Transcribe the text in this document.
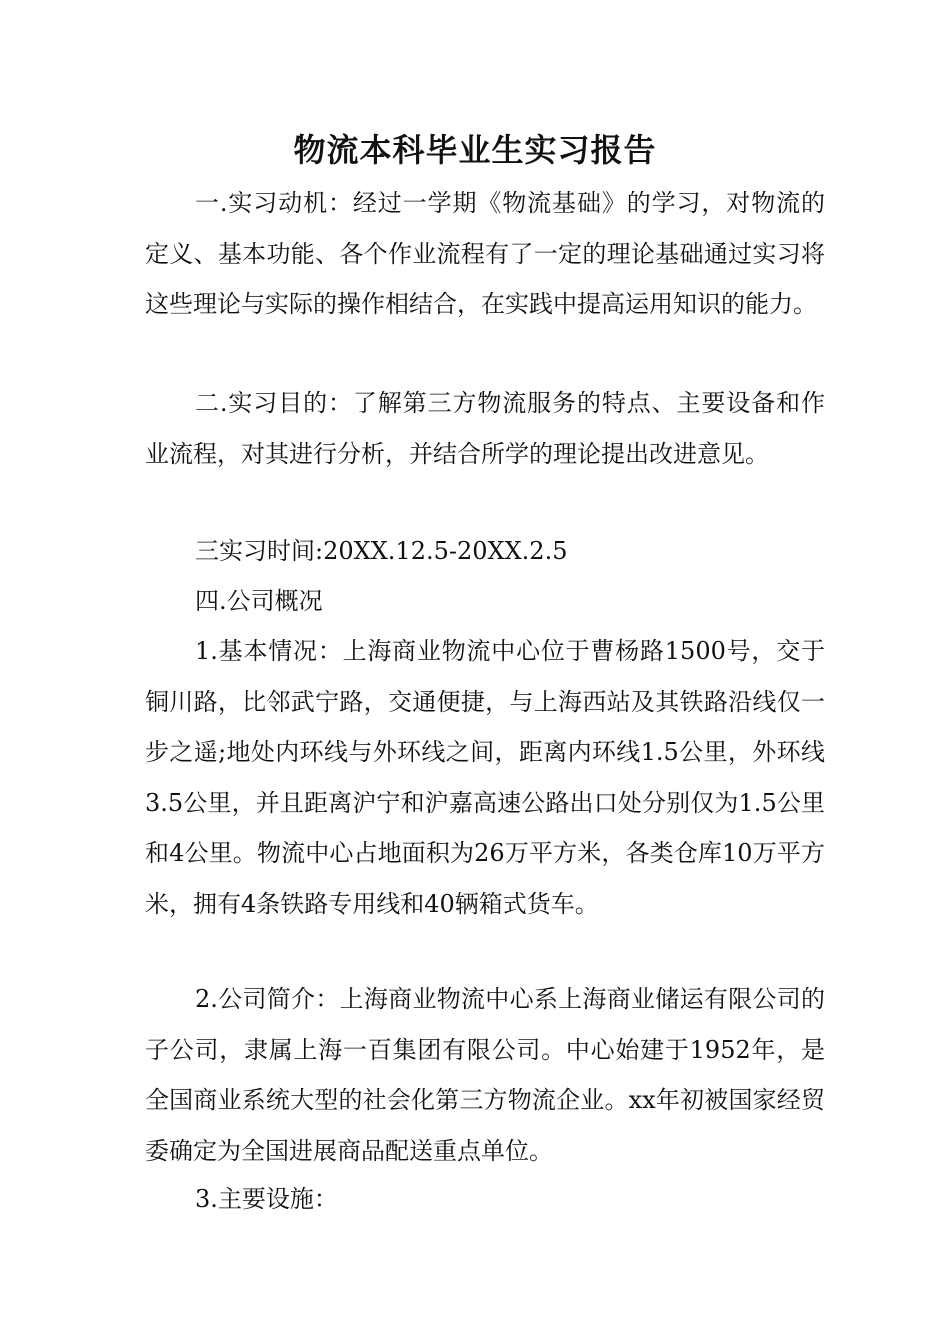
物流本科毕业生实习报告

一.实习动机：经过一学期《物流基础》的学习，对物流的定义、基本功能、各个作业流程有了一定的理论基础通过实习将这些理论与实际的操作相结合，在实践中提高运用知识的能力。

二.实习目的：了解第三方物流服务的特点、主要设备和作业流程，对其进行分析，并结合所学的理论提出改进意见。

三实习时间:20XX.12.5-20XX.2.5

四.公司概况

1.基本情况：上海商业物流中心位于曹杨路1500号，交于铜川路，比邻武宁路，交通便捷，与上海西站及其铁路沿线仅一步之遥;地处内环线与外环线之间，距离内环线1.5公里，外环线3.5公里，并且距离沪宁和沪嘉高速公路出口处分别仅为1.5公里和4公里。物流中心占地面积为26万平方米，各类仓库10万平方米，拥有4条铁路专用线和40辆箱式货车。

2.公司简介：上海商业物流中心系上海商业储运有限公司的子公司，隶属上海一百集团有限公司。中心始建于1952年，是全国商业系统大型的社会化第三方物流企业。xx年初被国家经贸委确定为全国进展商品配送重点单位。

3.主要设施：
